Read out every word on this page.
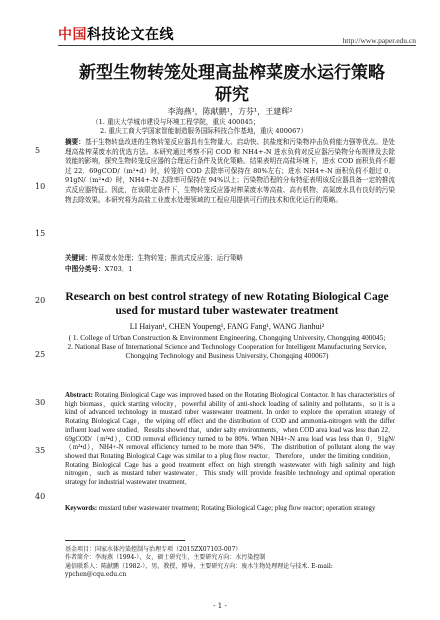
中国科技论文在线	http://www.paper.edu.cn
5
10
15
20
25
30
35
40
新型生物转笼处理高盐榨菜废水运行策略研究
李海燕¹，陈献鹏¹，方芬¹，王建辉²
（1. 重庆大学城市建设与环境工程学院，重庆 400045；
2. 重庆工商大学国家智能制造服务国际科技合作基地，重庆 400067）
摘要：基于生物转盘改进的生物转笼反应器具有生物量大、启动快、抗盐度和污染物冲击负荷能力强等优点。是处理高盐榨菜废水的优选方法。本研究通过考察不同 COD 和 NH4+-N 进水负荷对反应器污染物分布规律及去除效能的影响，探究生物转笼反应器的合理运行条件及优化策略。结果表明在高盐环境下，进水 COD 面积负荷不超过 22．69gCOD/（m²•d）时，转笼的 COD 去除率可保持在 80%左右；进水 NH4+-N 面积负荷不超过 0．91gN/（m²•d）时，NH4+-N 去除率可保持在 94%以上；污染物沿程的分布特征表明该反应器具备一定的推流式反应器特征。因此，在该限定条件下，生物转笼反应器对榨菜废水等高盐、高有机物、高氮废水具有良好的污染物去除效果。本研究将为高盐工业废水处理领域的工程应用提供可行的技术和优化运行的策略。
关键词：榨菜废水处理；生物转笼；推流式反应器；运行策略
中图分类号：X703．1
Research on best control strategy of new Rotating Biological Cage used for mustard tuber wastewater treatment
LI Haiyan¹, CHEN Youpeng¹, FANG Fang¹, WANG Jianhui²
( 1. College of Urban Construction & Environment Engineering, Chongqing University, Chongqing 400045;
2. National Base of International Science and Technology Cooperation for Intelligent Manufacturing Service, Chongqing Technology and Business University, Chongqing 400067)
Abstract: Rotating Biological Cage was improved based on the Rotating Biological Contactor. It has characteristics of high biomass，quick starting velocity，powerful ability of anti-shock loading of salinity and pollutants，so it is a kind of advanced technology in mustard tuber wastewater treatment. In order to explore the operation strategy of Rotating Biological Cage，the wiping off effect and the distribution of COD and ammonia-nitrogen with the differ influent load were studied．Results showed that，under salty environments，when COD area load was less than 22．69gCOD/（m²•d），COD removal efficiency turned to be 80%. When NH4+-N area load was less than 0．91gN/（m²•d），NH4+-N removal efficiency turned to be more than 94%．The distribution of pollutant along the way showed that Rotating Biological Cage was similar to a plug flow reactor．Therefore，under the limiting condition，Rotating Biological Cage has a good treatment effect on high strength wastewater with high salinity and high nitrogen，such as mustard tuber wastewater．This study will provide feasible technology and optimal operation strategy for industrial wastewater treatment．
Keywords: mustard tuber wastewater treatment; Rotating Biological Cage; plug flow reactor; operation strategy
基金项目：国家水体污染控制与治理专项（2015ZX07103-007）
作者简介：李海燕（1994-），女，硕士研究生，主要研究方向：水污染控制
通信联系人：陈献鹏（1982-），男，教授，博导，主要研究方向：废水生物处理理论与技术. E-mail: ypchen@cqu.edu.cn
- 1 -
